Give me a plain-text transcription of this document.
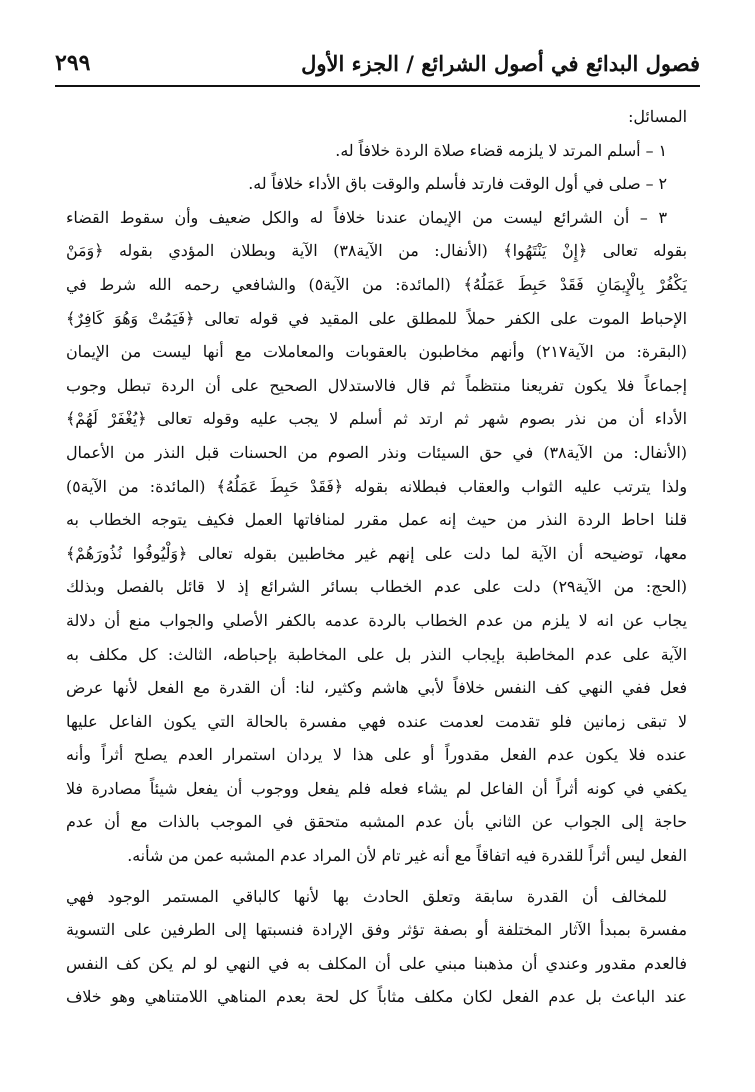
فصول البدائع في أصول الشرائع / الجزء الأول
٢٩٩

المسائل:

١ – أسلم المرتد لا يلزمه قضاء صلاة الردة خلافاً له.

٢ – صلى في أول الوقت فارتد فأسلم والوقت باق الأداء خلافاً له.

٣ – أن الشرائع ليست من الإيمان عندنا خلافاً له والكل ضعيف وأن سقوط القضاء

بقوله تعالى ﴿إِنْ يَنْتَهُوا﴾ (الأنفال: من الآية٣٨) الآية وبطلان المؤدي بقوله ﴿وَمَنْ

يَكْفُرْ بِالْإِيمَانِ فَقَدْ حَبِطَ عَمَلُهُ﴾ (المائدة: من الآية٥) والشافعي رحمه الله شرط في

الإحباط الموت على الكفر حملاً للمطلق على المقيد في قوله تعالى ﴿فَيَمُتْ وَهُوَ كَافِرٌ﴾

(البقرة: من الآية٢١٧) وأنهم مخاطبون بالعقوبات والمعاملات مع أنها ليست من الإيمان

إجماعاً فلا يكون تفريعنا منتظماً ثم قال فالاستدلال الصحيح على أن الردة تبطل وجوب

الأداء أن من نذر بصوم شهر ثم ارتد ثم أسلم لا يجب عليه وقوله تعالى ﴿يُغْفَرْ لَهُمْ﴾

(الأنفال: من الآية٣٨) في حق السيئات ونذر الصوم من الحسنات قبل النذر من الأعمال

ولذا يترتب عليه الثواب والعقاب فبطلانه بقوله ﴿فَقَدْ حَبِطَ عَمَلُهُ﴾ (المائدة: من الآية٥)

قلنا احاط الردة النذر من حيث إنه عمل مقرر لمنافاتها العمل فكيف يتوجه الخطاب به

معها، توضيحه أن الآية لما دلت على إنهم غير مخاطبين بقوله تعالى ﴿وَلْيُوفُوا نُذُورَهُمْ﴾

(الحج: من الآية٢٩) دلت على عدم الخطاب بسائر الشرائع إذ لا قائل بالفصل وبذلك

يجاب عن انه لا يلزم من عدم الخطاب بالردة عدمه بالكفر الأصلي والجواب منع أن دلالة

الآية على عدم المخاطبة بإيجاب النذر بل على المخاطبة بإحباطه، الثالث: كل مكلف به

فعل ففي النهي كف النفس خلافاً لأبي هاشم وكثير، لنا: أن القدرة مع الفعل لأنها عرض

لا تبقى زمانين فلو تقدمت لعدمت عنده فهي مفسرة بالحالة التي يكون الفاعل عليها

عنده فلا يكون عدم الفعل مقدوراً أو على هذا لا يردان استمرار العدم يصلح أثراً وأنه

يكفي في كونه أثراً أن الفاعل لم يشاء فعله فلم يفعل ووجوب أن يفعل شيئاً مصادرة فلا

حاجة إلى الجواب عن الثاني بأن عدم المشبه متحقق في الموجب بالذات مع أن عدم

الفعل ليس أثراً للقدرة فيه اتفاقاً مع أنه غير تام لأن المراد عدم المشبه عمن من شأنه.

للمخالف أن القدرة سابقة وتعلق الحادث بها لأنها كالباقي المستمر الوجود فهي

مفسرة بمبدأ الآثار المختلفة أو بصفة تؤثر وفق الإرادة فنسبتها إلى الطرفين على التسوية

فالعدم مقدور وعندي أن مذهبنا مبني على أن المكلف به في النهي لو لم يكن كف النفس

عند الباعث بل عدم الفعل لكان مكلف مثاباً كل لحة بعدم المناهي اللامتناهي وهو خلاف
